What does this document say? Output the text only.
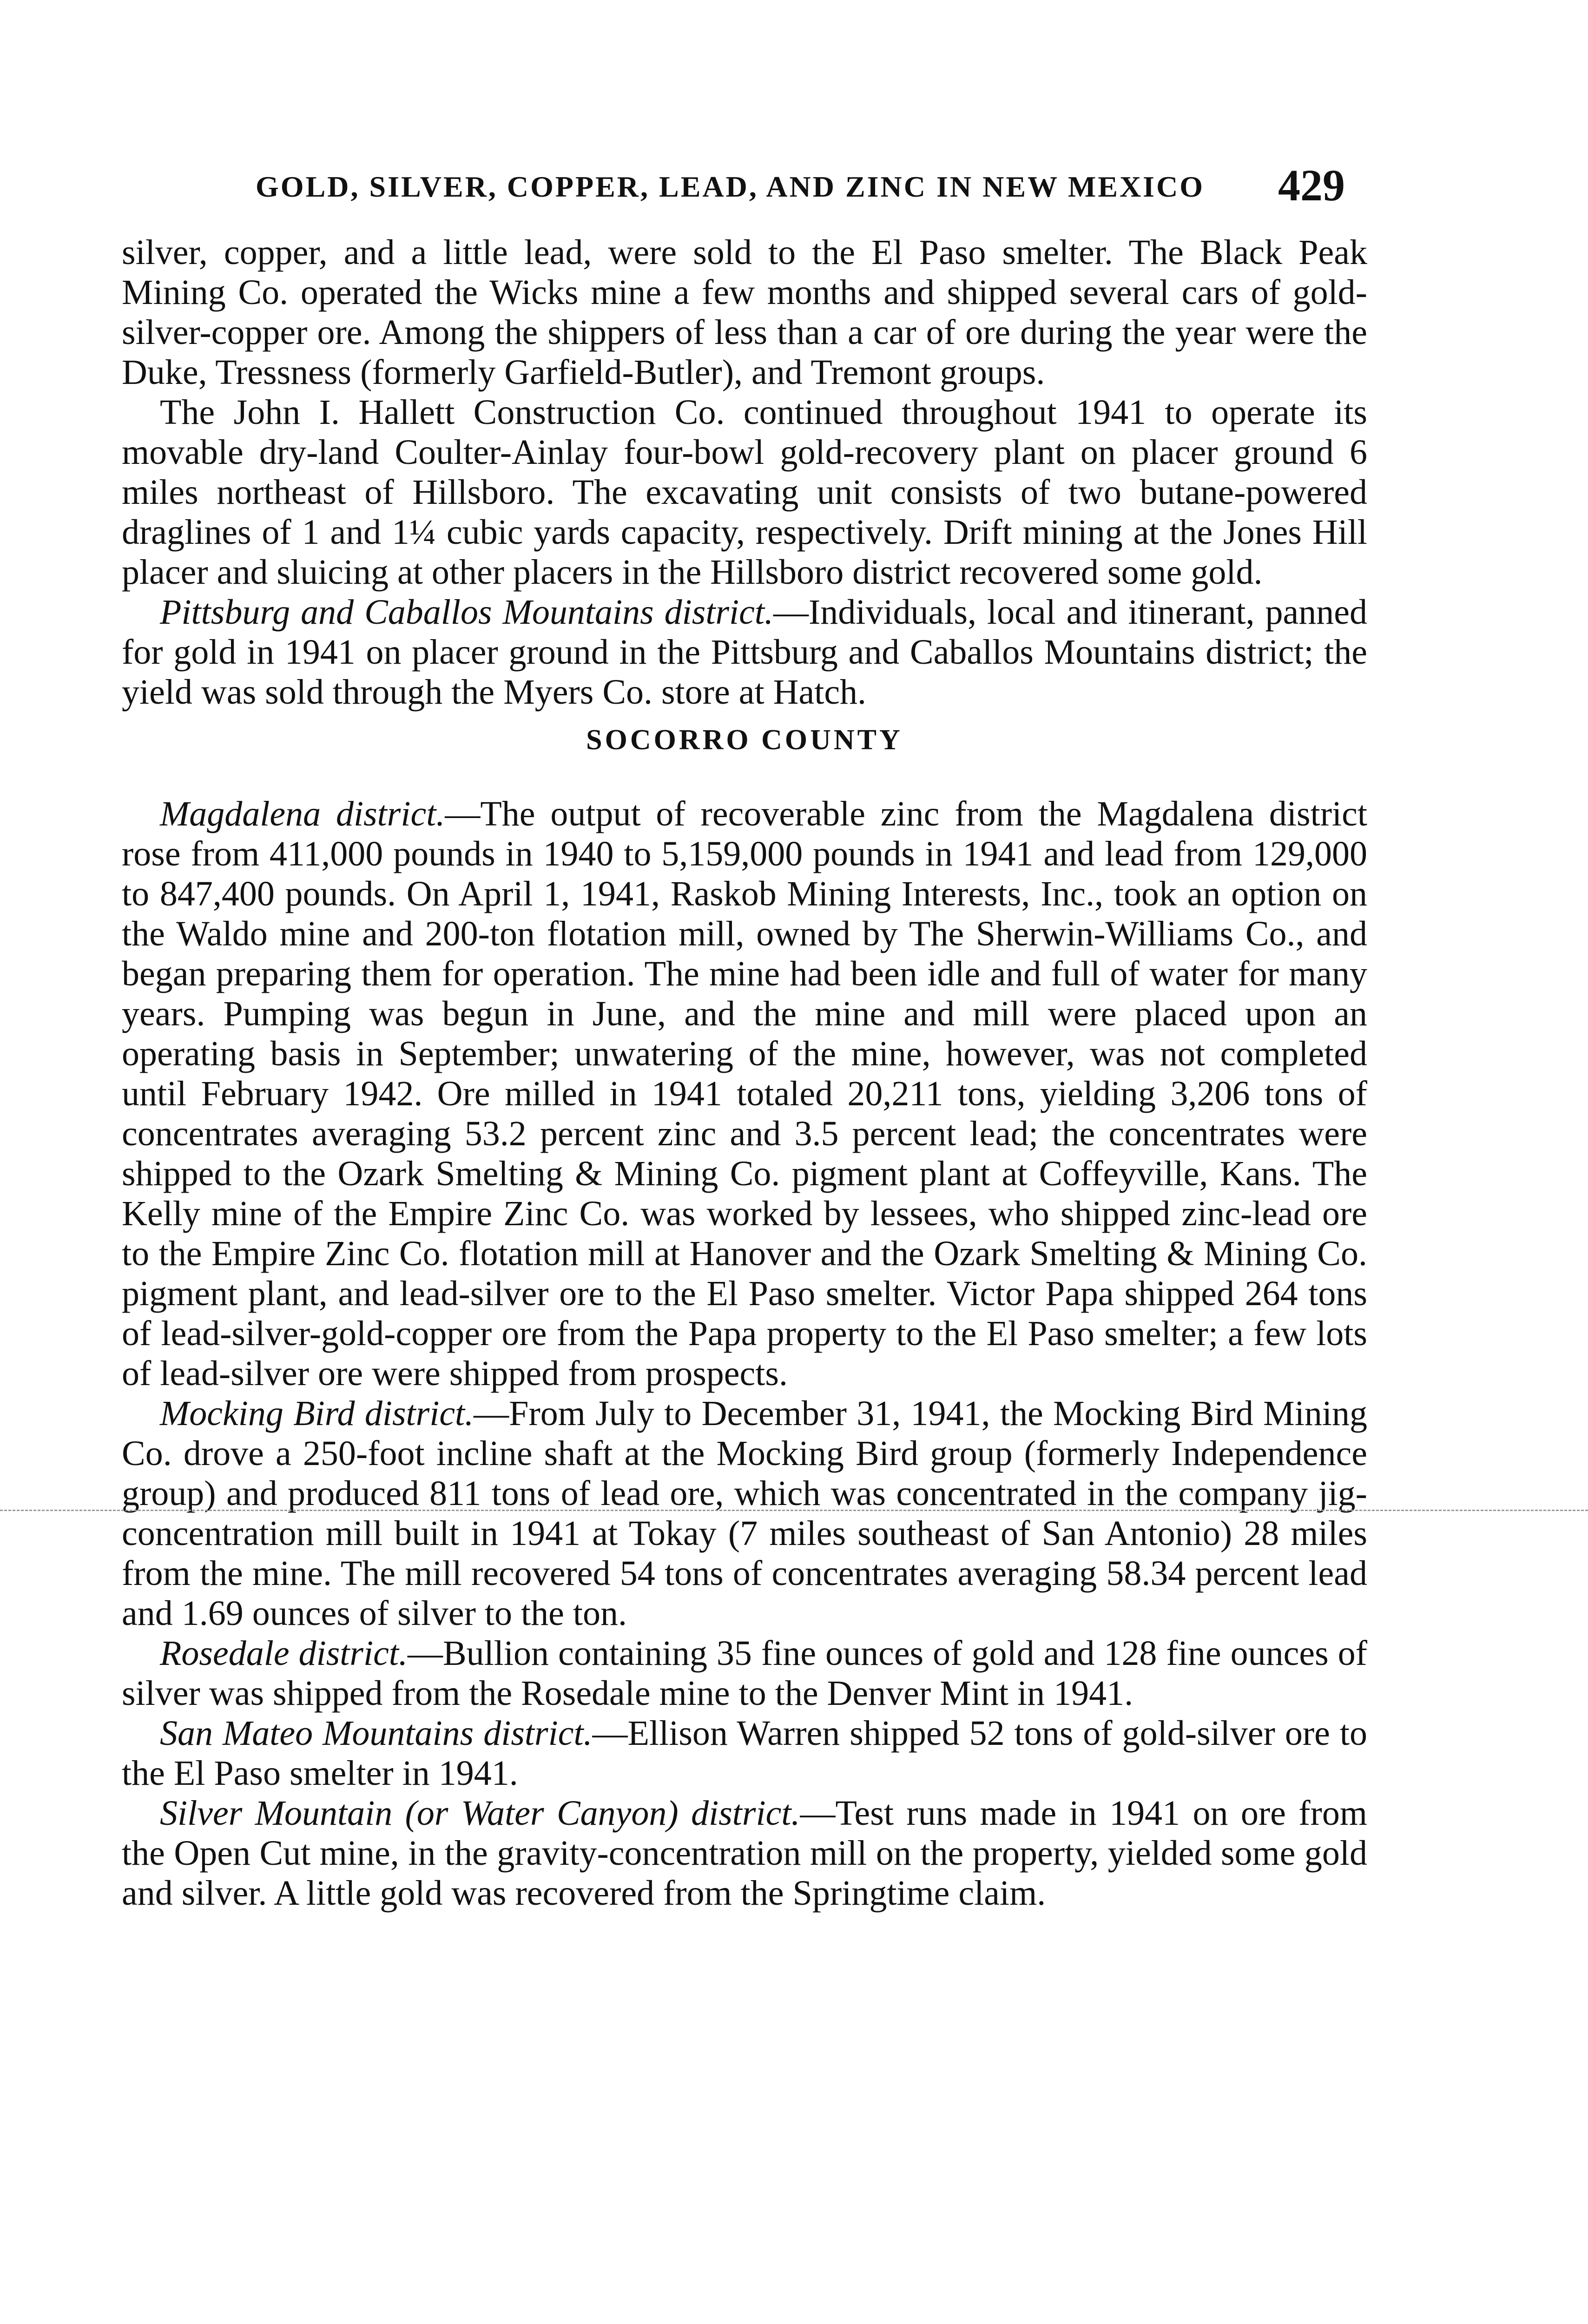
GOLD, SILVER, COPPER, LEAD, AND ZINC IN NEW MEXICO 429

silver, copper, and a little lead, were sold to the El Paso smelter. The Black Peak Mining Co. operated the Wicks mine a few months and shipped several cars of gold-silver-copper ore. Among the shippers of less than a car of ore during the year were the Duke, Tressness (formerly Garfield-Butler), and Tremont groups.

The John I. Hallett Construction Co. continued throughout 1941 to operate its movable dry-land Coulter-Ainlay four-bowl gold-recovery plant on placer ground 6 miles northeast of Hillsboro. The excavating unit consists of two butane-powered draglines of 1 and 1¼ cubic yards capacity, respectively. Drift mining at the Jones Hill placer and sluicing at other placers in the Hillsboro district recovered some gold.

Pittsburg and Caballos Mountains district.—Individuals, local and itinerant, panned for gold in 1941 on placer ground in the Pittsburg and Caballos Mountains district; the yield was sold through the Myers Co. store at Hatch.

SOCORRO COUNTY

Magdalena district.—The output of recoverable zinc from the Magdalena district rose from 411,000 pounds in 1940 to 5,159,000 pounds in 1941 and lead from 129,000 to 847,400 pounds. On April 1, 1941, Raskob Mining Interests, Inc., took an option on the Waldo mine and 200-ton flotation mill, owned by The Sherwin-Williams Co., and began preparing them for operation. The mine had been idle and full of water for many years. Pumping was begun in June, and the mine and mill were placed upon an operating basis in September; unwatering of the mine, however, was not completed until February 1942. Ore milled in 1941 totaled 20,211 tons, yielding 3,206 tons of concentrates averaging 53.2 percent zinc and 3.5 percent lead; the concentrates were shipped to the Ozark Smelting & Mining Co. pigment plant at Coffeyville, Kans. The Kelly mine of the Empire Zinc Co. was worked by lessees, who shipped zinc-lead ore to the Empire Zinc Co. flotation mill at Hanover and the Ozark Smelting & Mining Co. pigment plant, and lead-silver ore to the El Paso smelter. Victor Papa shipped 264 tons of lead-silver-gold-copper ore from the Papa property to the El Paso smelter; a few lots of lead-silver ore were shipped from prospects.

Mocking Bird district.—From July to December 31, 1941, the Mocking Bird Mining Co. drove a 250-foot incline shaft at the Mocking Bird group (formerly Independence group) and produced 811 tons of lead ore, which was concentrated in the company jig-concentration mill built in 1941 at Tokay (7 miles southeast of San Antonio) 28 miles from the mine. The mill recovered 54 tons of concentrates averaging 58.34 percent lead and 1.69 ounces of silver to the ton.

Rosedale district.—Bullion containing 35 fine ounces of gold and 128 fine ounces of silver was shipped from the Rosedale mine to the Denver Mint in 1941.

San Mateo Mountains district.—Ellison Warren shipped 52 tons of gold-silver ore to the El Paso smelter in 1941.

Silver Mountain (or Water Canyon) district.—Test runs made in 1941 on ore from the Open Cut mine, in the gravity-concentration mill on the property, yielded some gold and silver. A little gold was recovered from the Springtime claim.
